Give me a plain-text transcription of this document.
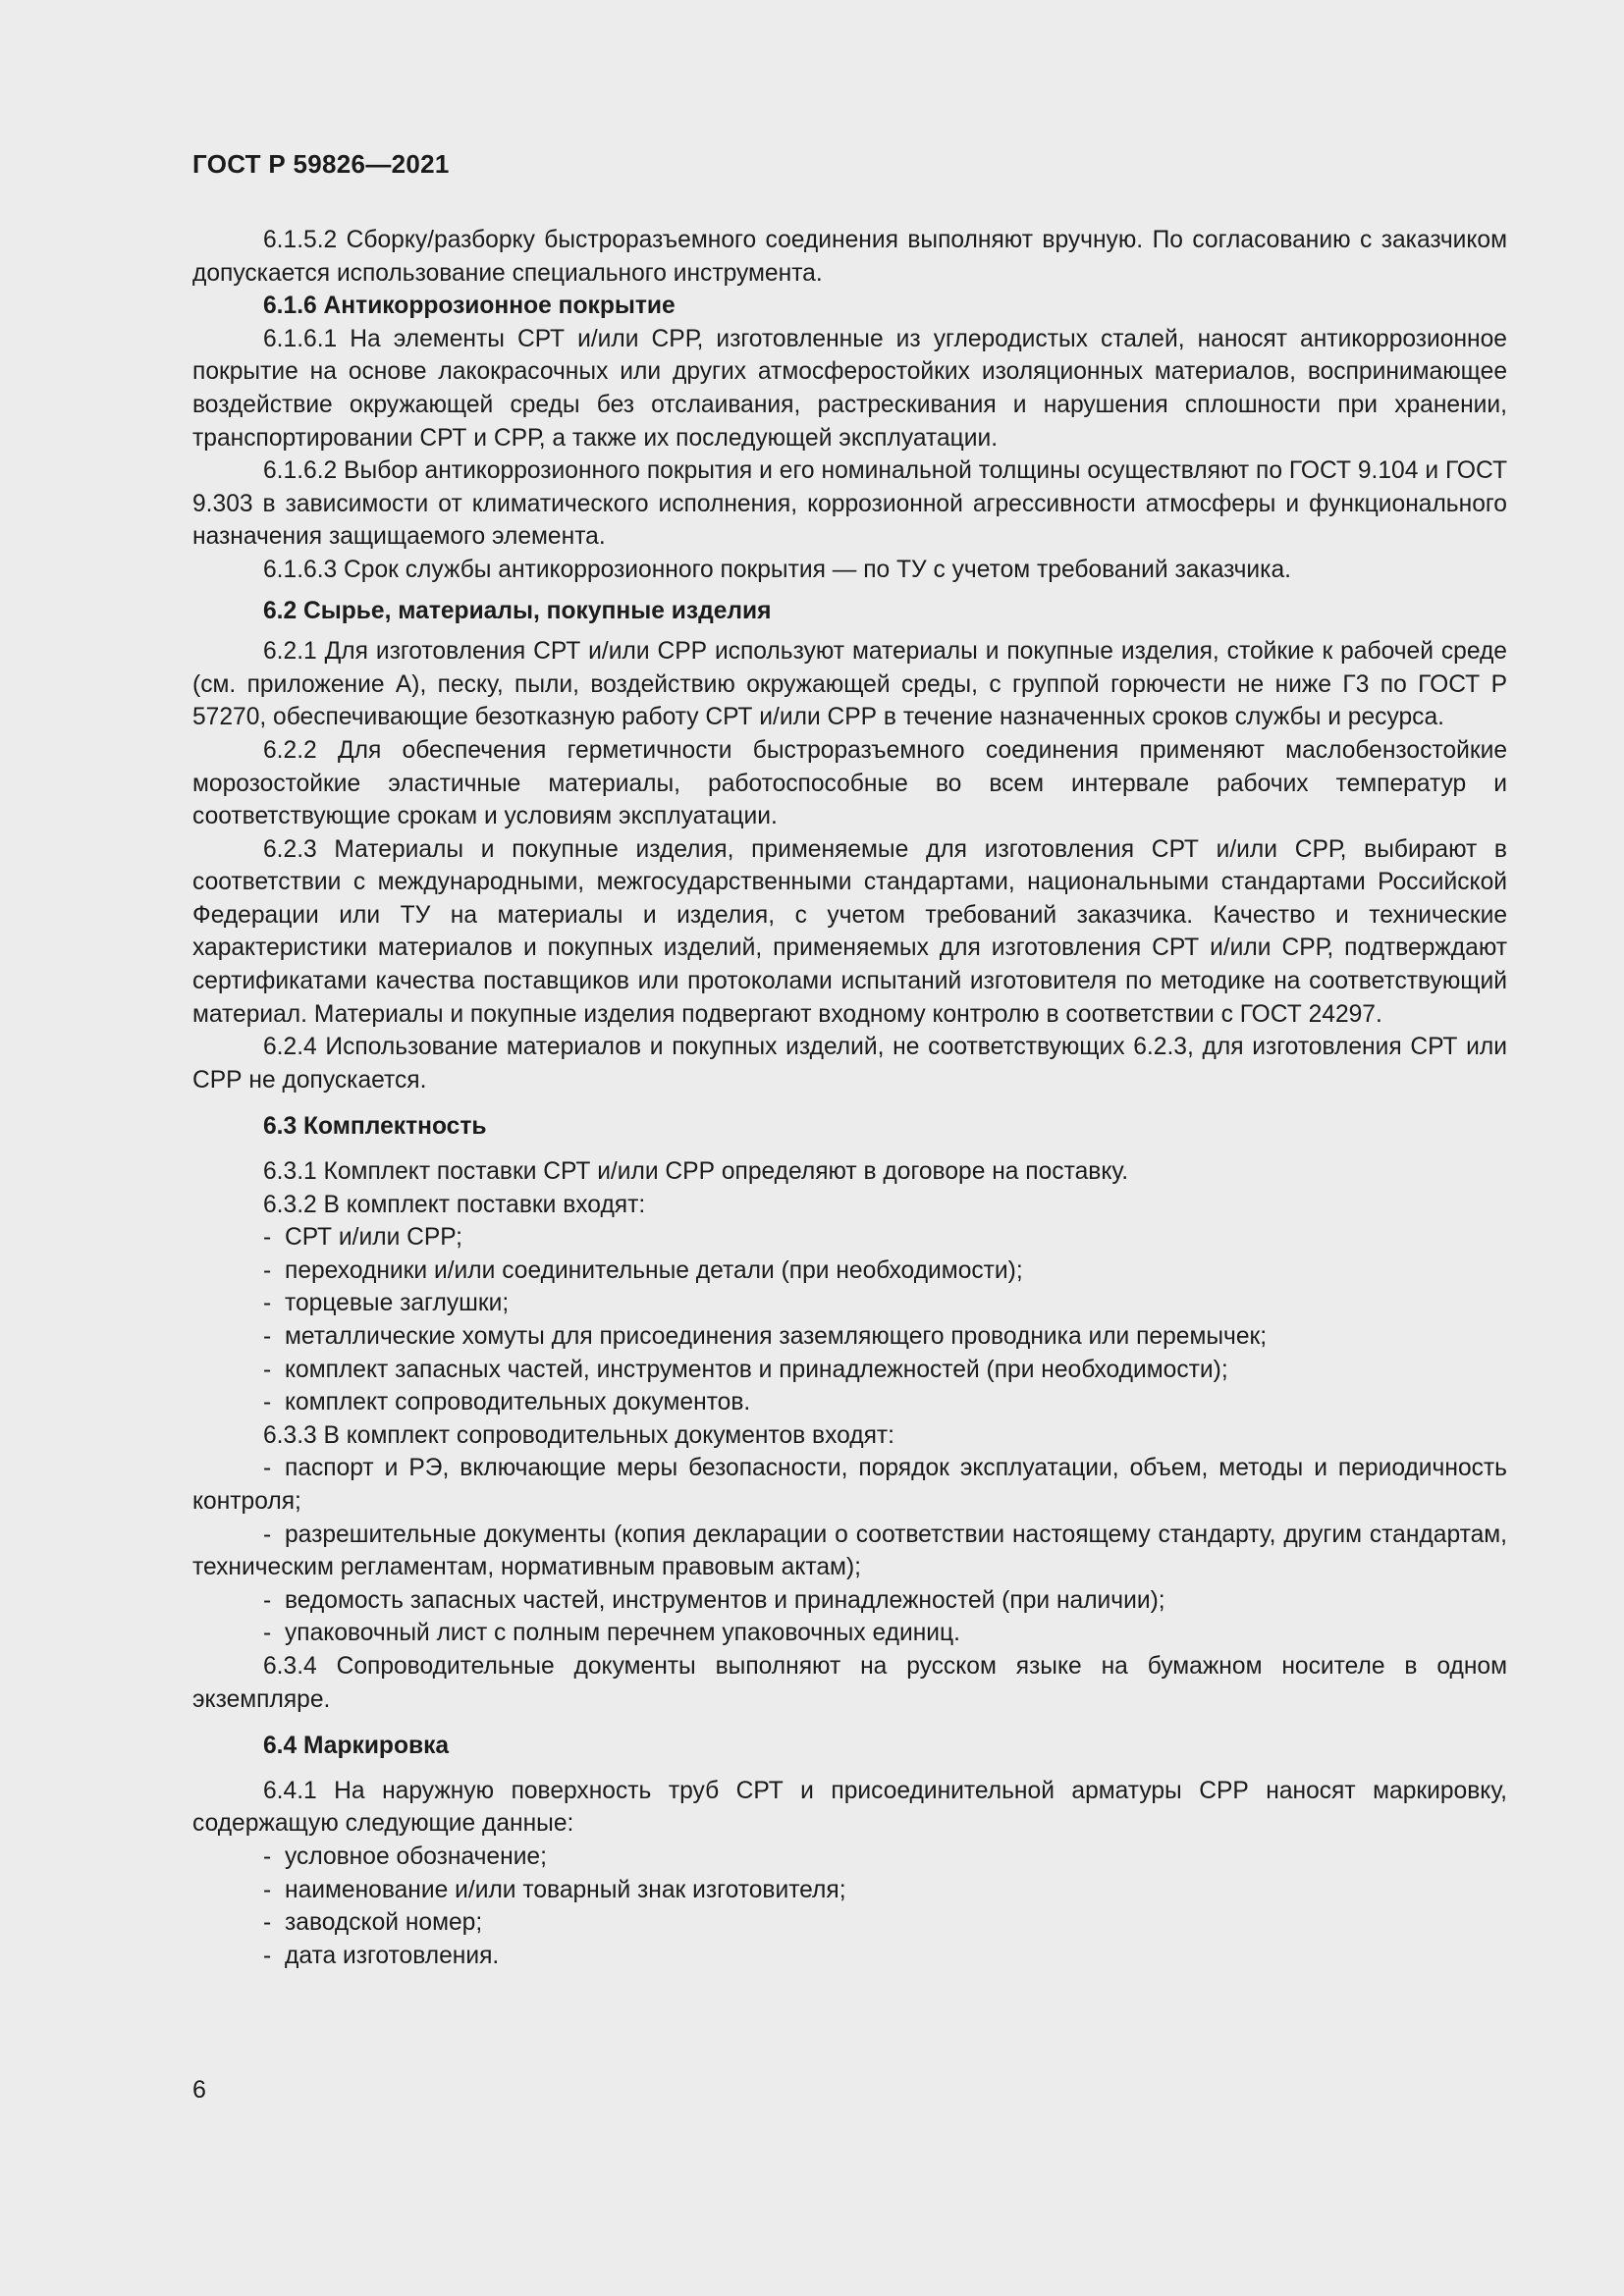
ГОСТ Р 59826—2021

6.1.5.2 Сборку/разборку быстроразъемного соединения выполняют вручную. По согласованию с заказчиком допускается использование специального инструмента.

6.1.6 Антикоррозионное покрытие

6.1.6.1 На элементы СРТ и/или СРР, изготовленные из углеродистых сталей, наносят антикоррозионное покрытие на основе лакокрасочных или других атмосферостойких изоляционных материалов, воспринимающее воздействие окружающей среды без отслаивания, растрескивания и нарушения сплошности при хранении, транспортировании СРТ и СРР, а также их последующей эксплуатации.

6.1.6.2 Выбор антикоррозионного покрытия и его номинальной толщины осуществляют по ГОСТ 9.104 и ГОСТ 9.303 в зависимости от климатического исполнения, коррозионной агрессивности атмосферы и функционального назначения защищаемого элемента.

6.1.6.3 Срок службы антикоррозионного покрытия — по ТУ с учетом требований заказчика.

6.2 Сырье, материалы, покупные изделия

6.2.1 Для изготовления СРТ и/или СРР используют материалы и покупные изделия, стойкие к рабочей среде (см. приложение А), песку, пыли, воздействию окружающей среды, с группой горючести не ниже Г3 по ГОСТ Р 57270, обеспечивающие безотказную работу СРТ и/или СРР в течение назначенных сроков службы и ресурса.

6.2.2 Для обеспечения герметичности быстроразъемного соединения применяют маслобензостойкие морозостойкие эластичные материалы, работоспособные во всем интервале рабочих температур и соответствующие срокам и условиям эксплуатации.

6.2.3 Материалы и покупные изделия, применяемые для изготовления СРТ и/или СРР, выбирают в соответствии с международными, межгосударственными стандартами, национальными стандартами Российской Федерации или ТУ на материалы и изделия, с учетом требований заказчика. Качество и технические характеристики материалов и покупных изделий, применяемых для изготовления СРТ и/или СРР, подтверждают сертификатами качества поставщиков или протоколами испытаний изготовителя по методике на соответствующий материал. Материалы и покупные изделия подвергают входному контролю в соответствии с ГОСТ 24297.

6.2.4 Использование материалов и покупных изделий, не соответствующих 6.2.3, для изготовления СРТ или СРР не допускается.

6.3 Комплектность

6.3.1 Комплект поставки СРТ и/или СРР определяют в договоре на поставку.

6.3.2 В комплект поставки входят:

- СРТ и/или СРР;

- переходники и/или соединительные детали (при необходимости);

- торцевые заглушки;

- металлические хомуты для присоединения заземляющего проводника или перемычек;

- комплект запасных частей, инструментов и принадлежностей (при необходимости);

- комплект сопроводительных документов.

6.3.3 В комплект сопроводительных документов входят:

- паспорт и РЭ, включающие меры безопасности, порядок эксплуатации, объем, методы и периодичность контроля;

- разрешительные документы (копия декларации о соответствии настоящему стандарту, другим стандартам, техническим регламентам, нормативным правовым актам);

- ведомость запасных частей, инструментов и принадлежностей (при наличии);

- упаковочный лист с полным перечнем упаковочных единиц.

6.3.4 Сопроводительные документы выполняют на русском языке на бумажном носителе в одном экземпляре.

6.4 Маркировка

6.4.1 На наружную поверхность труб СРТ и присоединительной арматуры СРР наносят маркировку, содержащую следующие данные:

- условное обозначение;

- наименование и/или товарный знак изготовителя;

- заводской номер;

- дата изготовления.

6
